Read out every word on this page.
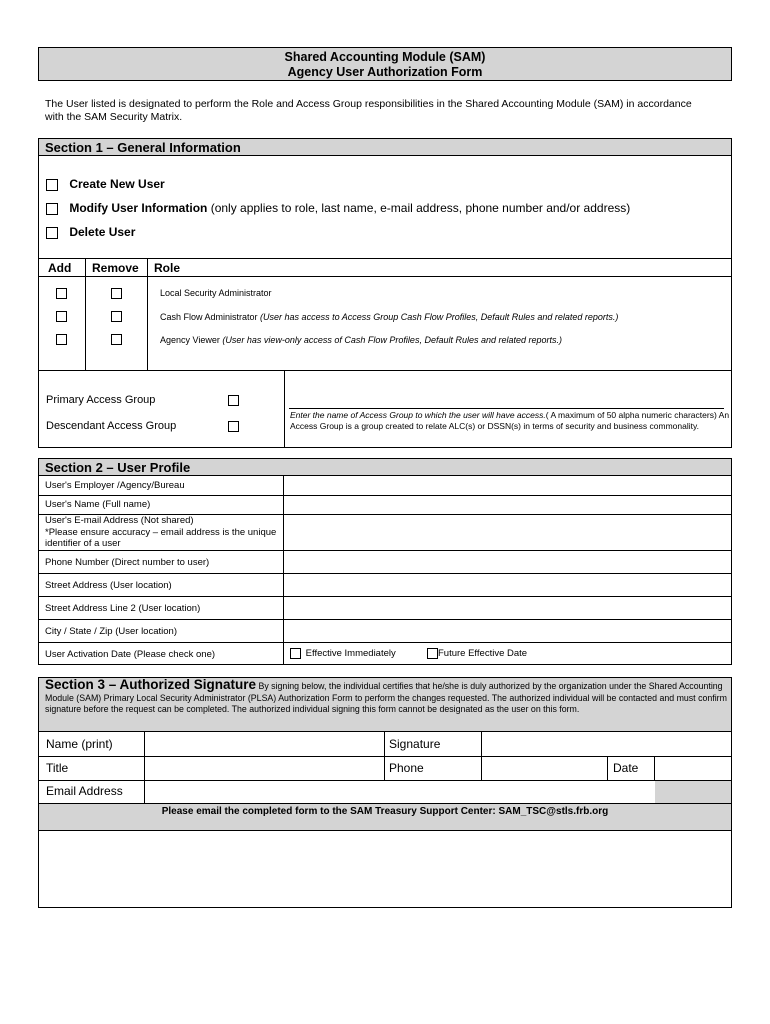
Shared Accounting Module (SAM)
Agency User Authorization Form
The User listed is designated to perform the Role and Access Group responsibilities in the Shared Accounting Module (SAM) in accordance with the SAM Security Matrix.
Section 1 – General Information
Create New User
Modify User Information (only applies to role, last name, e-mail address, phone number and/or address)
Delete User
Add Remove Role
Local Security Administrator
Cash Flow Administrator (User has access to Access Group Cash Flow Profiles, Default Rules and related reports.)
Agency Viewer (User has view-only access of Cash Flow Profiles, Default Rules and related reports.)
Primary Access Group
Descendant Access Group
Enter the name of Access Group to which the user will have access.( A maximum of 50 alpha numeric characters) An Access Group is a group created to relate ALC(s) or DSSN(s) in terms of security and business commonality.
Section 2 – User Profile
User's Employer /Agency/Bureau
User's Name (Full name)
User's E-mail Address (Not shared)
*Please ensure accuracy – email address is the unique identifier of a user
Phone Number (Direct number to user)
Street Address (User location)
Street Address Line 2 (User location)
City / State / Zip (User location)
User Activation Date (Please check one)	Effective Immediately	Future Effective Date
Section 3 – Authorized Signature By signing below, the individual certifies that he/she is duly authorized by the organization under the Shared Accounting Module (SAM) Primary Local Security Administrator (PLSA) Authorization Form to perform the changes requested. The authorized individual will be contacted and must confirm signature before the request can be completed. The authorized individual signing this form cannot be designated as the user on this form.
Name (print)	Signature
Title	Phone	Date
Email Address
Please email the completed form to the SAM Treasury Support Center: SAM_TSC@stls.frb.org
